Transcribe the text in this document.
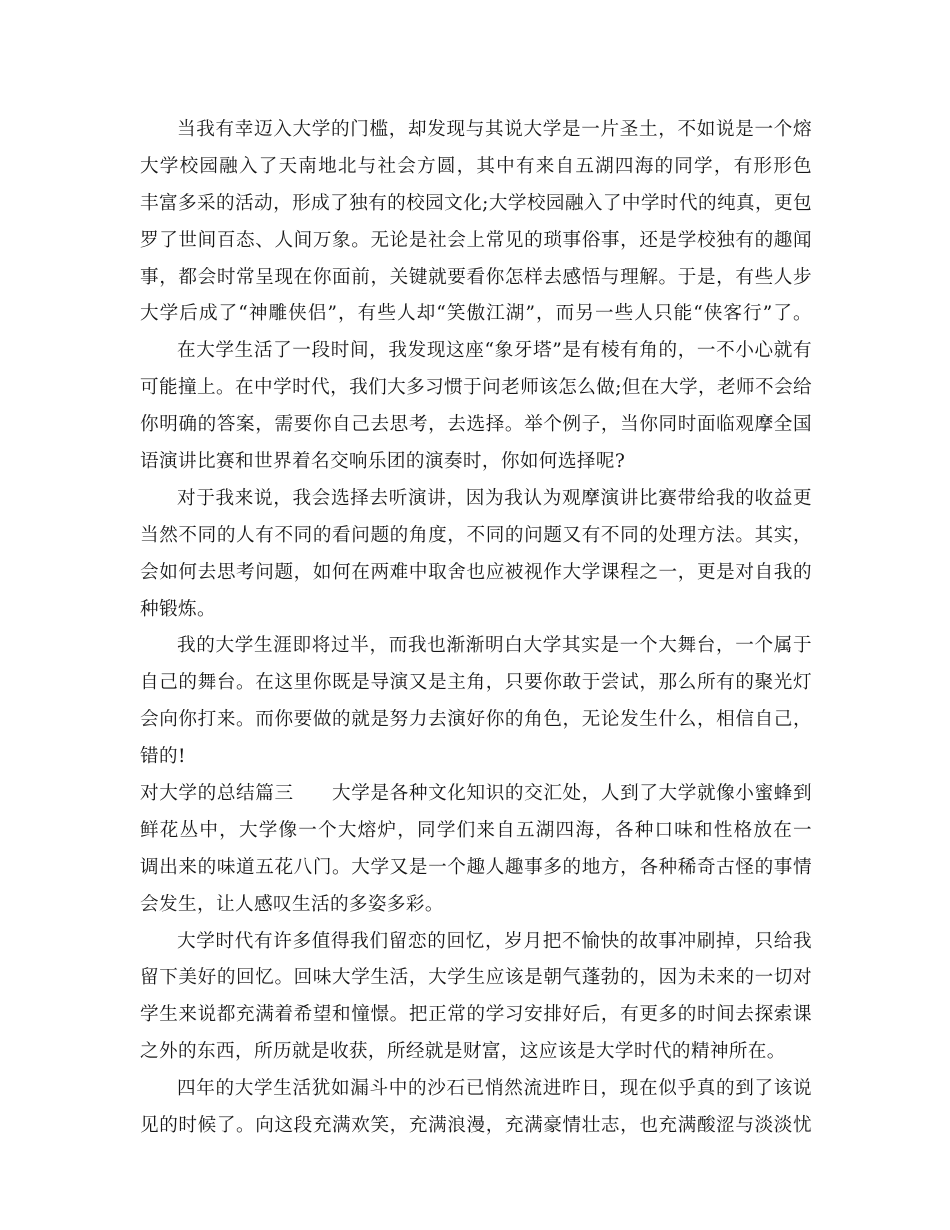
当我有幸迈入大学的门槛，却发现与其说大学是一片圣土，不如说是一个熔
大学校园融入了天南地北与社会方圆，其中有来自五湖四海的同学，有形形色
丰富多采的活动，形成了独有的校园文化;大学校园融入了中学时代的纯真，更包
罗了世间百态、人间万象。无论是社会上常见的琐事俗事，还是学校独有的趣闻
事，都会时常呈现在你面前，关键就要看你怎样去感悟与理解。于是，有些人步
大学后成了“神雕侠侣”，有些人却“笑傲江湖”，而另一些人只能“侠客行”了。
在大学生活了一段时间，我发现这座“象牙塔”是有棱有角的，一不小心就有
可能撞上。在中学时代，我们大多习惯于问老师该怎么做;但在大学，老师不会给
你明确的答案，需要你自己去思考，去选择。举个例子，当你同时面临观摩全国
语演讲比赛和世界着名交响乐团的演奏时，你如何选择呢?
对于我来说，我会选择去听演讲，因为我认为观摩演讲比赛带给我的收益更
当然不同的人有不同的看问题的角度，不同的问题又有不同的处理方法。其实，
会如何去思考问题，如何在两难中取舍也应被视作大学课程之一，更是对自我的
种锻炼。
我的大学生涯即将过半，而我也渐渐明白大学其实是一个大舞台，一个属于
自己的舞台。在这里你既是导演又是主角，只要你敢于尝试，那么所有的聚光灯
会向你打来。而你要做的就是努力去演好你的角色，无论发生什么，相信自己，
错的!
对大学的总结篇三　　大学是各种文化知识的交汇处，人到了大学就像小蜜蜂到
鲜花丛中，大学像一个大熔炉，同学们来自五湖四海，各种口味和性格放在一
调出来的味道五花八门。大学又是一个趣人趣事多的地方，各种稀奇古怪的事情
会发生，让人感叹生活的多姿多彩。
大学时代有许多值得我们留恋的回忆，岁月把不愉快的故事冲刷掉，只给我
留下美好的回忆。回味大学生活，大学生应该是朝气蓬勃的，因为未来的一切对
学生来说都充满着希望和憧憬。把正常的学习安排好后，有更多的时间去探索课
之外的东西，所历就是收获，所经就是财富，这应该是大学时代的精神所在。
四年的大学生活犹如漏斗中的沙石已悄然流进昨日，现在似乎真的到了该说
见的时候了。向这段充满欢笑，充满浪漫，充满豪情壮志，也充满酸涩与淡淡忧
